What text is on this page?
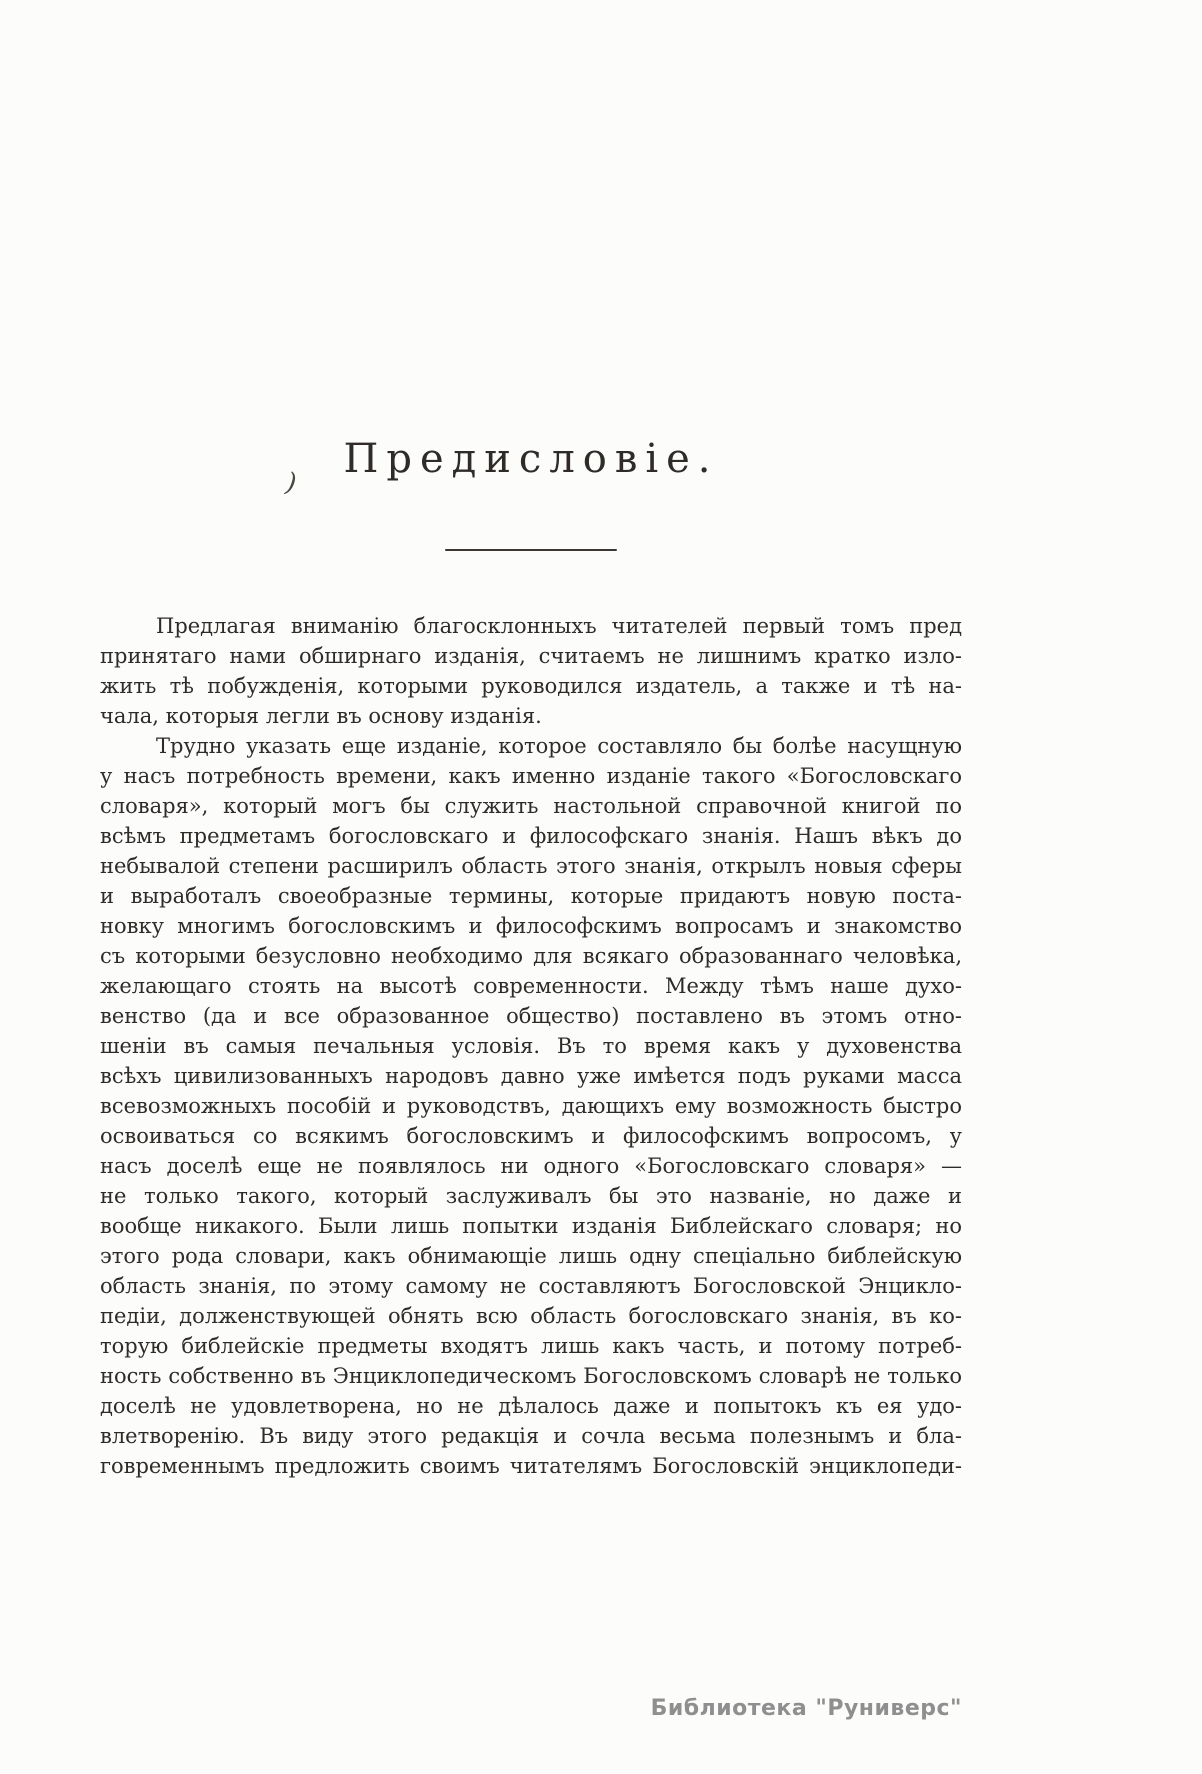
Предисловіе.
)
Предлагая вниманію благосклонныхъ читателей первый томъ пред
принятаго нами обширнаго изданія, считаемъ не лишнимъ кратко изло-
жить тѣ побужденія, которыми руководился издатель, а также и тѣ на-
чала, которыя легли въ основу изданія.
Трудно указать еще изданіе, которое составляло бы болѣе насущную
у насъ потребность времени, какъ именно изданіе такого «Богословскаго
словаря», который могъ бы служить настольной справочной книгой по
всѣмъ предметамъ богословскаго и философскаго знанія. Нашъ вѣкъ до
небывалой степени расширилъ область этого знанія, открылъ новыя сферы
и выработалъ своеобразные термины, которые придаютъ новую поста-
новку многимъ богословскимъ и философскимъ вопросамъ и знакомство
съ которыми безусловно необходимо для всякаго образованнаго человѣка,
желающаго стоять на высотѣ современности. Между тѣмъ наше духо-
венство (да и все образованное общество) поставлено въ этомъ отно-
шеніи въ самыя печальныя условія. Въ то время какъ у духовенства
всѣхъ цивилизованныхъ народовъ давно уже имѣется подъ руками масса
всевозможныхъ пособій и руководствъ, дающихъ ему возможность быстро
освоиваться со всякимъ богословскимъ и философскимъ вопросомъ, у
насъ доселѣ еще не появлялось ни одного «Богословскаго словаря» —
не только такого, который заслуживалъ бы это названіе, но даже и
вообще никакого. Были лишь попытки изданія Библейскаго словаря; но
этого рода словари, какъ обнимающіе лишь одну спеціально библейскую
область знанія, по этому самому не составляютъ Богословской Энцикло-
педіи, долженствующей обнять всю область богословскаго знанія, въ ко-
торую библейскіе предметы входятъ лишь какъ часть, и потому потреб-
ность собственно въ Энциклопедическомъ Богословскомъ словарѣ не только
доселѣ не удовлетворена, но не дѣлалось даже и попытокъ къ ея удо-
влетворенію. Въ виду этого редакція и сочла весьма полезнымъ и бла-
говременнымъ предложить своимъ читателямъ Богословскій энциклопеди-
Библиотека "Руниверс"
